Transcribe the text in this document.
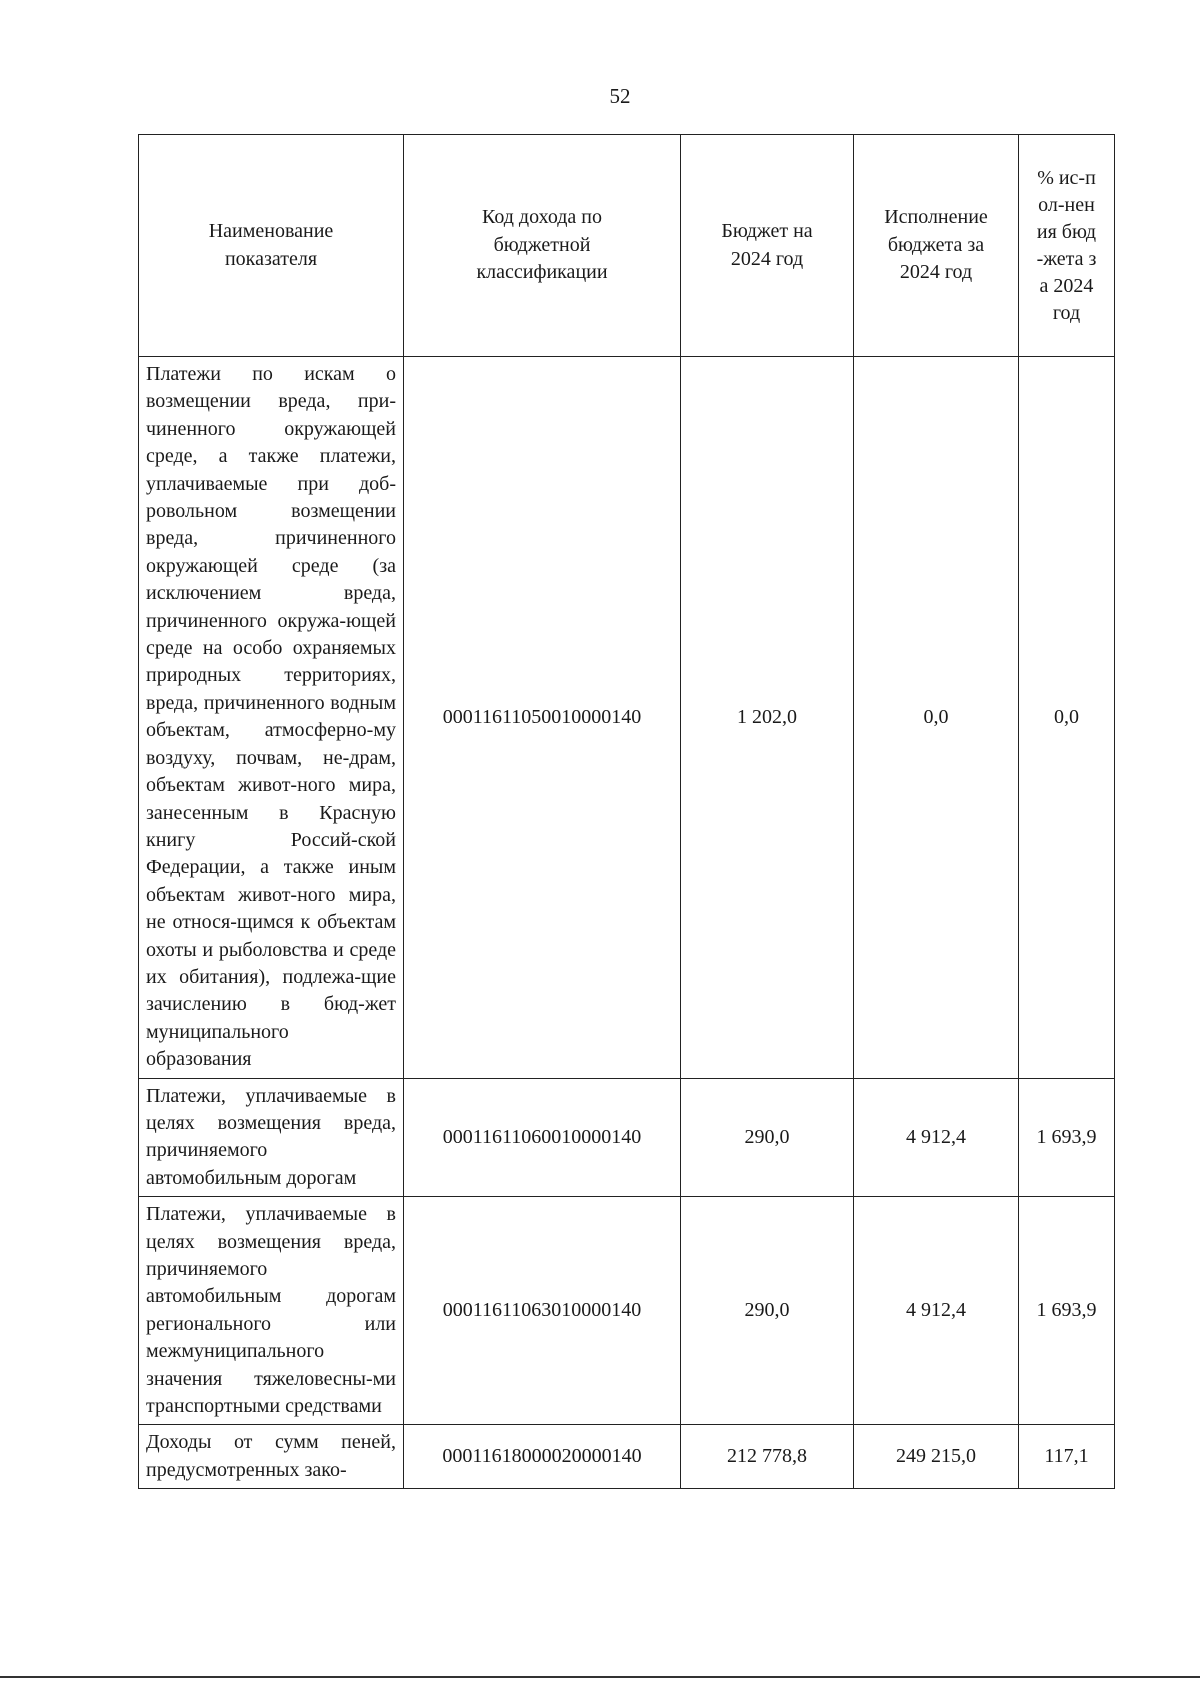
52
Наименование показателя	Код дохода по бюджетной классификации	Бюджет на 2024 год	Исполнение бюджета за 2024 год	% ис-пол-нения бюд-жета за 2024 год

Платежи по искам о возмещении вреда, при-чиненного окружающей среде, а также платежи, уплачиваемые при доб-ровольном возмещении вреда, причиненного окружающей среде (за исключением вреда, причиненного окружа-ющей среде на особо охраняемых природных территориях, вреда, причиненного водным объектам, атмосферно-му воздуху, почвам, не-драм, объектам живот-ного мира, занесенным в Красную книгу Россий-ской Федерации, а также иным объектам живот-ного мира, не относя-щимся к объектам охоты и рыболовства и среде их обитания), подлежа-щие зачислению в бюд-жет муниципального образования	00011611050010000140	1 202,0	0,0	0,0
Платежи, уплачиваемые в целях возмещения вреда, причиняемого автомобильным дорогам	00011611060010000140	290,0	4 912,4	1 693,9
Платежи, уплачиваемые в целях возмещения вреда, причиняемого автомобильным дорогам регионального или межмуниципального значения тяжеловесны-ми транспортными средствами	00011611063010000140	290,0	4 912,4	1 693,9
Доходы от сумм пеней, предусмотренных зако-	00011618000020000140	212 778,8	249 215,0	117,1
